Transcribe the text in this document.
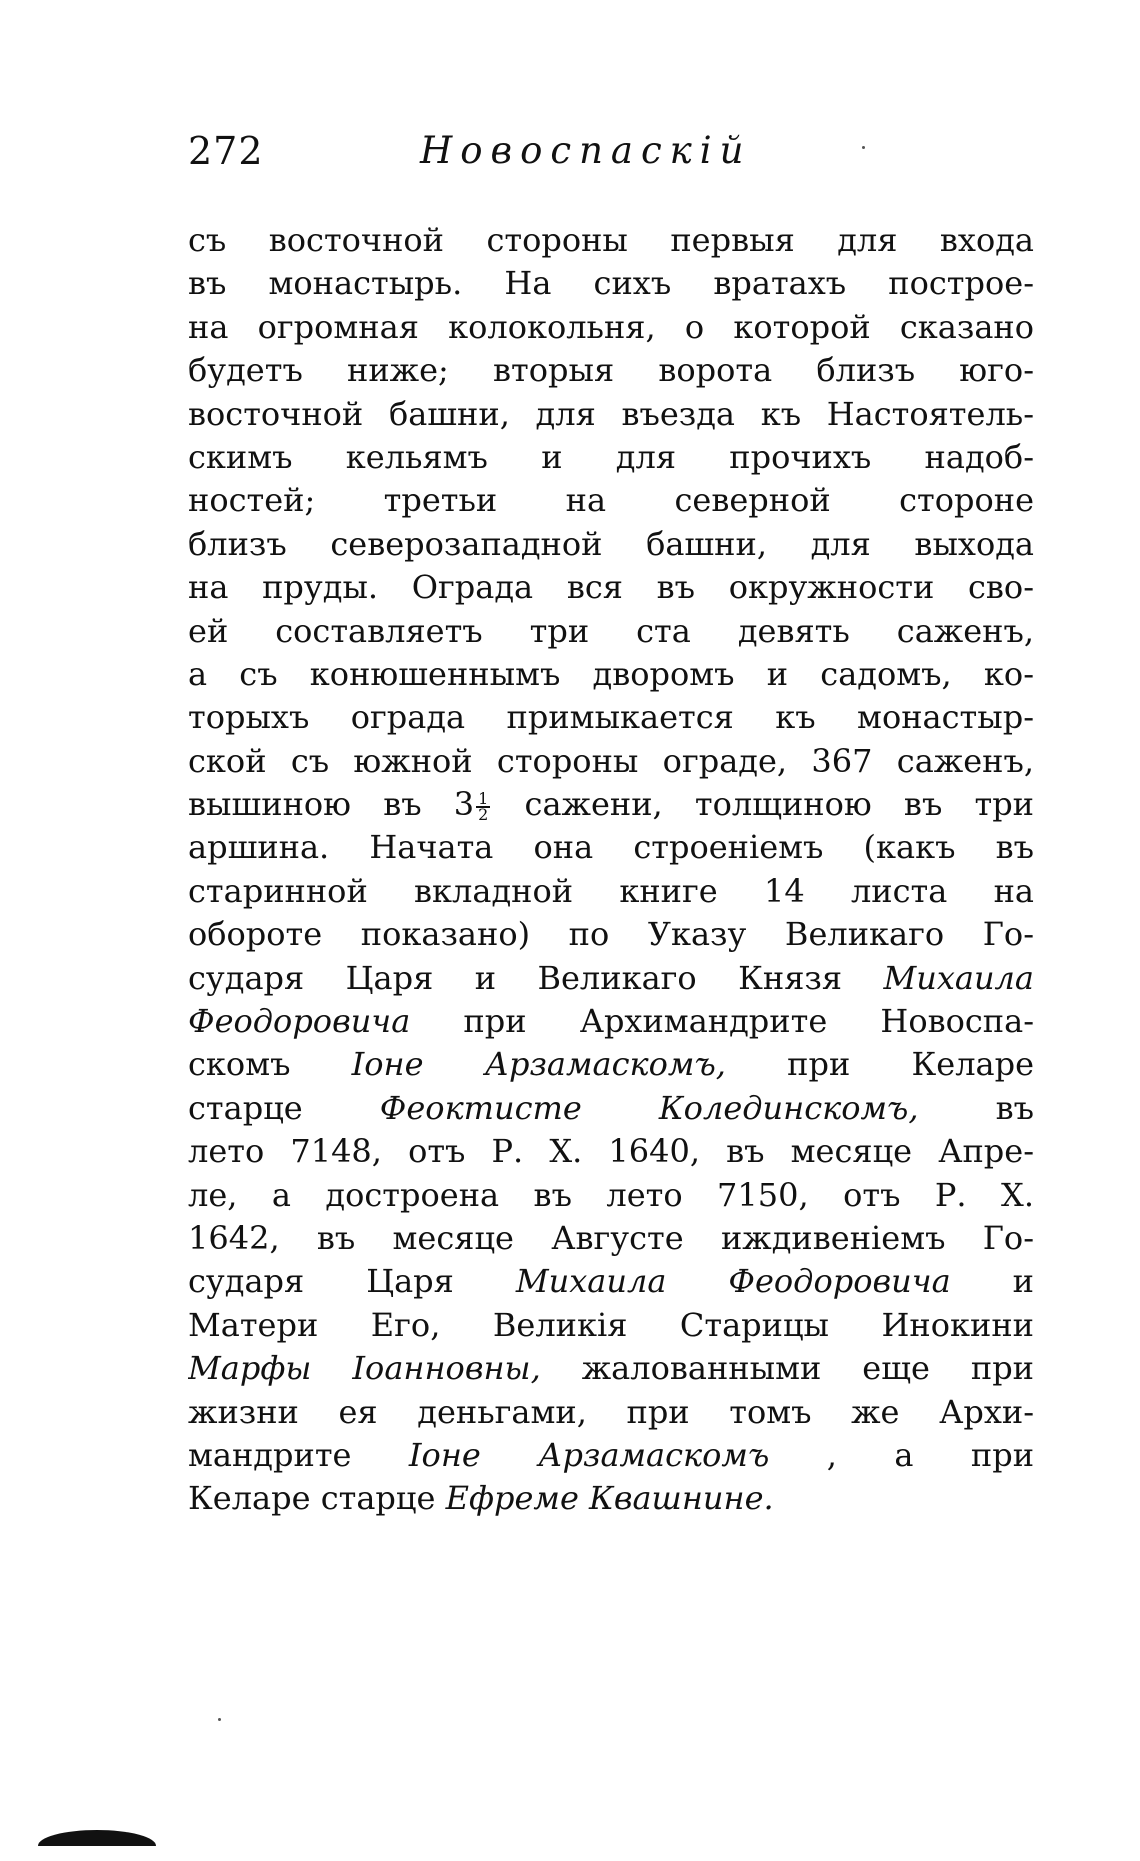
272	Новоспаскій
съ восточной стороны первыя для входа
въ монастырь. На сихъ вратахъ построе-
на огромная колокольня, о которой сказано
будетъ ниже; вторыя ворота близъ юго-
восточной башни, для въезда къ Настоятель-
скимъ кельямъ и для прочихъ надоб-
ностей; третьи на северной стороне
близъ северозападной башни, для выхода
на пруды. Ограда вся въ окружности сво-
ей составляетъ три ста девять саженъ,
а съ конюшеннымъ дворомъ и садомъ, ко-
торыхъ ограда примыкается къ монастыр-
ской съ южной стороны ограде, 367 саженъ,
вышиною въ $3 \frac{1}{2}$ сажени, толщиною въ три
аршина. Начата она строеніемъ (какъ въ
старинной вкладной книге 14 листа на
обороте показано) по Указу Великаго Го-
сударя Царя и Великаго Князя Михаила
Феодоровича при Архимандрите Новоспа-
скомъ Іоне Арзамаскомъ, при Келаре
старце Феоктисте Колединскомъ, въ
лето 7148, отъ Р. Х. 1640, въ месяце Апре-
ле, а достроена въ лето 7150, отъ Р. Х.
1642, въ месяце Августе иждивеніемъ Го-
сударя Царя Михаила Феодоровича и
Матери Его, Великія Старицы Инокини
Марфы Іоанновны, жалованными еще при
жизни ея деньгами, при томъ же Архи-
мандрите Іоне Арзамаскомъ , а при
Келаре старце Ефреме Квашнине.
